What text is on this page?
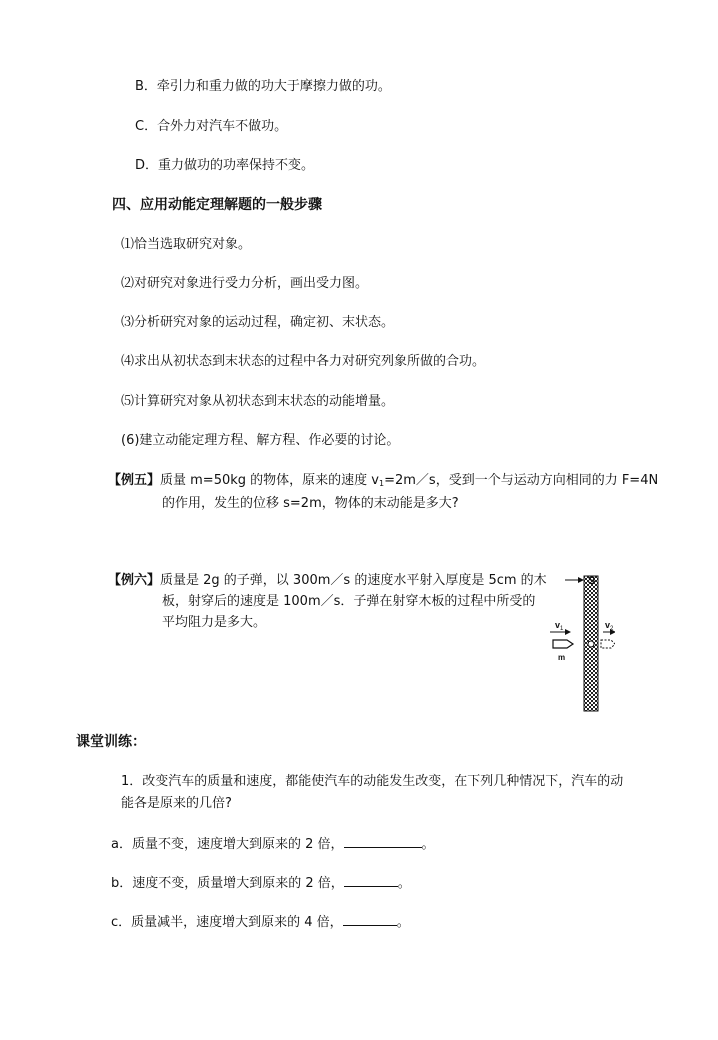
B．牵引力和重力做的功大于摩擦力做的功。
C．合外力对汽车不做功。
D．重力做功的功率保持不变。
四、应用动能定理解题的一般步骤
⑴恰当选取研究对象。
⑵对研究对象进行受力分析，画出受力图。
⑶分析研究对象的运动过程，确定初、末状态。
⑷求出从初状态到末状态的过程中各力对研究列象所做的合功。
⑸计算研究对象从初状态到末状态的动能增量。
(6)建立动能定理方程、解方程、作必要的讨论。
【例五】质量 m=50kg 的物体，原来的速度 $v_1=2m/s$，受到一个与运动方向相同的力 F=4N
的作用，发生的位移 s=2m，物体的末动能是多大?
【例六】质量是 2g 的子弹，以 300m／s 的速度水平射入厚度是 5cm 的木
板，射穿后的速度是 100m／s．子弹在射穿木板的过程中所受的
平均阻力是多大。
S
v 1
m
v 2
课堂训练：
1．改变汽车的质量和速度，都能使汽车的动能发生改变，在下列几种情况下，汽车的动
能各是原来的几倍?
a．质量不变，速度增大到原来的 2 倍，	。
b．速度不变，质量增大到原来的 2 倍，	。
c．质量减半，速度增大到原来的 4 倍，	。
